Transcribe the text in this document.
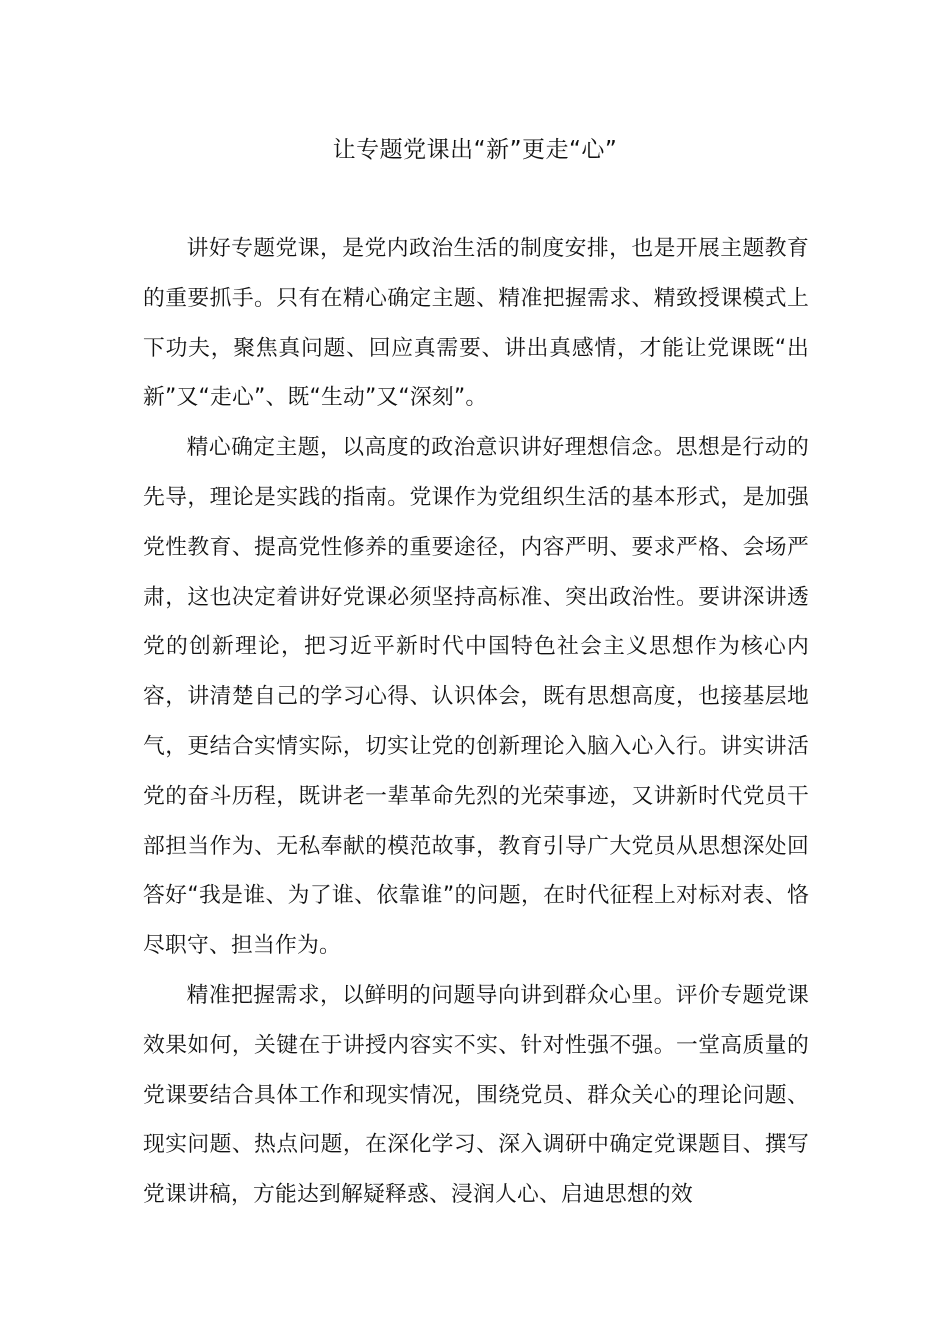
让专题党课出“新”更走“心”

讲好专题党课，是党内政治生活的制度安排，也是开展主题教育的重要抓手。只有在精心确定主题、精准把握需求、精致授课模式上下功夫，聚焦真问题、回应真需要、讲出真感情，才能让党课既“出新”又“走心”、既“生动”又“深刻”。

精心确定主题，以高度的政治意识讲好理想信念。思想是行动的先导，理论是实践的指南。党课作为党组织生活的基本形式，是加强党性教育、提高党性修养的重要途径，内容严明、要求严格、会场严肃，这也决定着讲好党课必须坚持高标准、突出政治性。要讲深讲透党的创新理论，把习近平新时代中国特色社会主义思想作为核心内容，讲清楚自己的学习心得、认识体会，既有思想高度，也接基层地气，更结合实情实际，切实让党的创新理论入脑入心入行。讲实讲活党的奋斗历程，既讲老一辈革命先烈的光荣事迹，又讲新时代党员干部担当作为、无私奉献的模范故事，教育引导广大党员从思想深处回答好“我是谁、为了谁、依靠谁”的问题，在时代征程上对标对表、恪尽职守、担当作为。

精准把握需求，以鲜明的问题导向讲到群众心里。评价专题党课效果如何，关键在于讲授内容实不实、针对性强不强。一堂高质量的党课要结合具体工作和现实情况，围绕党员、群众关心的理论问题、现实问题、热点问题，在深化学习、深入调研中确定党课题目、撰写党课讲稿，方能达到解疑释惑、浸润人心、启迪思想的效
